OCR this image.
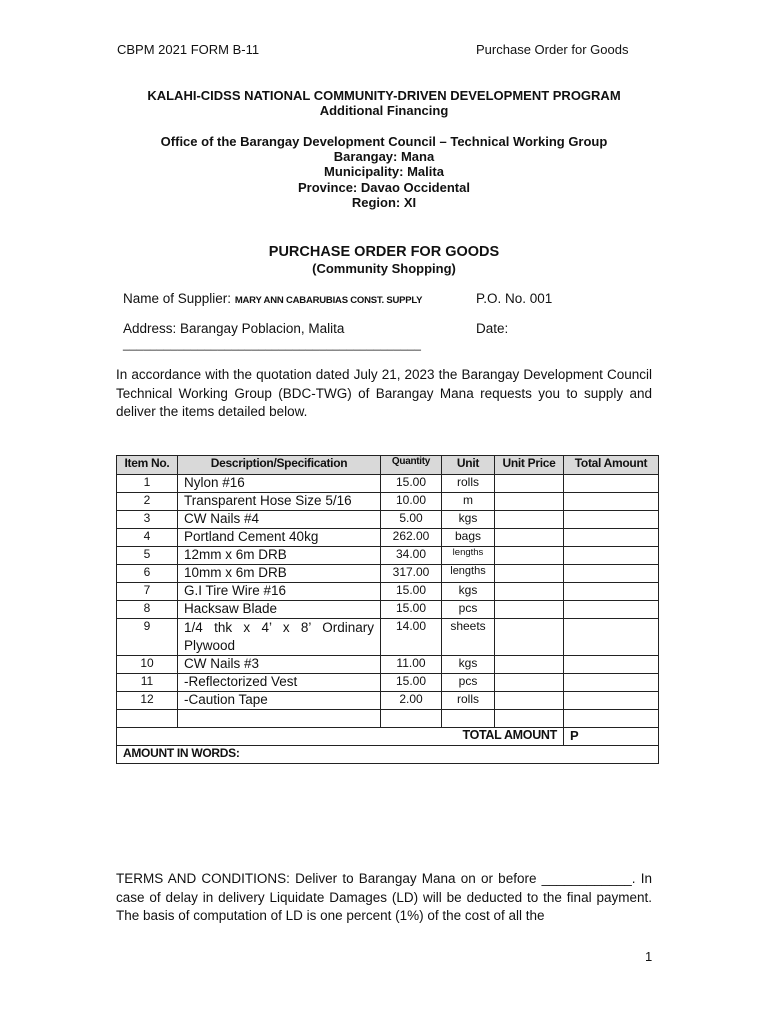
CBPM 2021 FORM B-11	Purchase Order for Goods
KALAHI-CIDSS NATIONAL COMMUNITY-DRIVEN DEVELOPMENT PROGRAM
Additional Financing
Office of the Barangay Development Council – Technical Working Group
Barangay: Mana
Municipality: Malita
Province: Davao Occidental
Region: XI
PURCHASE ORDER FOR GOODS
(Community Shopping)
Name of Supplier: MARY ANN CABARUBIAS CONST. SUPPLY	P.O. No. 001
Address: Barangay Poblacion, Malita	Date:
____________________________________________
In accordance with the quotation dated July 21, 2023 the Barangay Development Council Technical Working Group (BDC-TWG) of Barangay Mana requests you to supply and deliver the items detailed below.
Item No.	Description/Specification	Quantity	Unit	Unit Price	Total Amount
1	Nylon #16	15.00	rolls		
2	Transparent Hose Size 5/16	10.00	m		
3	CW Nails #4	5.00	kgs		
4	Portland Cement 40kg	262.00	bags		
5	12mm x 6m DRB	34.00	lengths		
6	10mm x 6m DRB	317.00	lengths		
7	G.I Tire Wire #16	15.00	kgs		
8	Hacksaw Blade	15.00	pcs		
9	1/4 thk x 4’ x 8’ Ordinary Plywood	14.00	sheets		
10	CW Nails #3	11.00	kgs		
11	-Reflectorized Vest	15.00	pcs		
12	-Caution Tape	2.00	rolls		

TOTAL AMOUNT					P
AMOUNT IN WORDS:					
TERMS AND CONDITIONS: Deliver to Barangay Mana on or before ____________. In case of delay in delivery Liquidate Damages (LD) will be deducted to the final payment. The basis of computation of LD is one percent (1%) of the cost of all the
1
